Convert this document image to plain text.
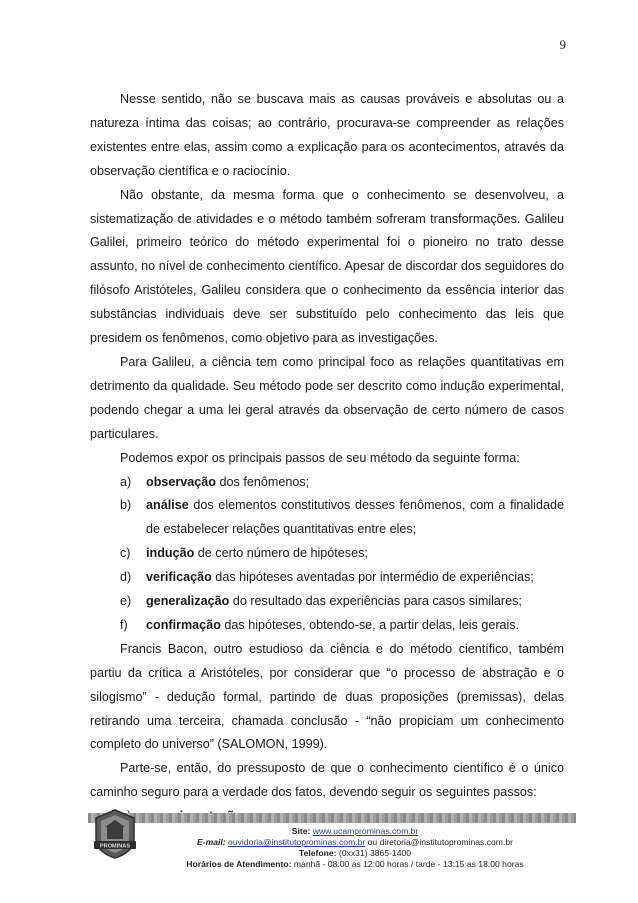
9

Nesse sentido, não se buscava mais as causas prováveis e absolutas ou a natureza íntima das coisas; ao contrário, procurava-se compreender as relações existentes entre elas, assim como a explicação para os acontecimentos, através da observação científica e o raciocínio.

Não obstante, da mesma forma que o conhecimento se desenvolveu, a sistematização de atividades e o método também sofreram transformações. Galileu Galilei, primeiro teórico do método experimental foi o pioneiro no trato desse assunto, no nível de conhecimento científico. Apesar de discordar dos seguidores do filósofo Aristóteles, Galileu considera que o conhecimento da essência interior das substâncias individuais deve ser substituído pelo conhecimento das leis que presidem os fenômenos, como objetivo para as investigações.

Para Galileu, a ciência tem como principal foco as relações quantitativas em detrimento da qualidade. Seu método pode ser descrito como indução experimental, podendo chegar a uma lei geral através da observação de certo número de casos particulares.

Podemos expor os principais passos de seu método da seguinte forma:

a) observação dos fenômenos;
b) análise dos elementos constitutivos desses fenômenos, com a finalidade de estabelecer relações quantitativas entre eles;
c) indução de certo número de hipóteses;
d) verificação das hipóteses aventadas por intermédio de experiências;
e) generalização do resultado das experiências para casos similares;
f) confirmação das hipóteses, obtendo-se, a partir delas, leis gerais.

Francis Bacon, outro estudioso da ciência e do método científico, também partiu da crítica a Aristóteles, por considerar que “o processo de abstração e o silogismo” - dedução formal, partindo de duas proposições (premissas), delas retirando uma terceira, chamada conclusão - “não propiciam um conhecimento completo do universo” (SALOMON, 1999).

Parte-se, então, do pressuposto de que o conhecimento científico é o único caminho seguro para a verdade dos fatos, devendo seguir os seguintes passos:

PROMINAS
Site: www.ucamprominas.com.br
E-mail: ouvidoria@institutoprominas.com.br ou diretoria@institutoprominas.com.br
Telefone: (0xx31) 3865-1400
Horários de Atendimento: manhã - 08:00 as 12:00 horas / tarde - 13:15 as 18:00 horas
